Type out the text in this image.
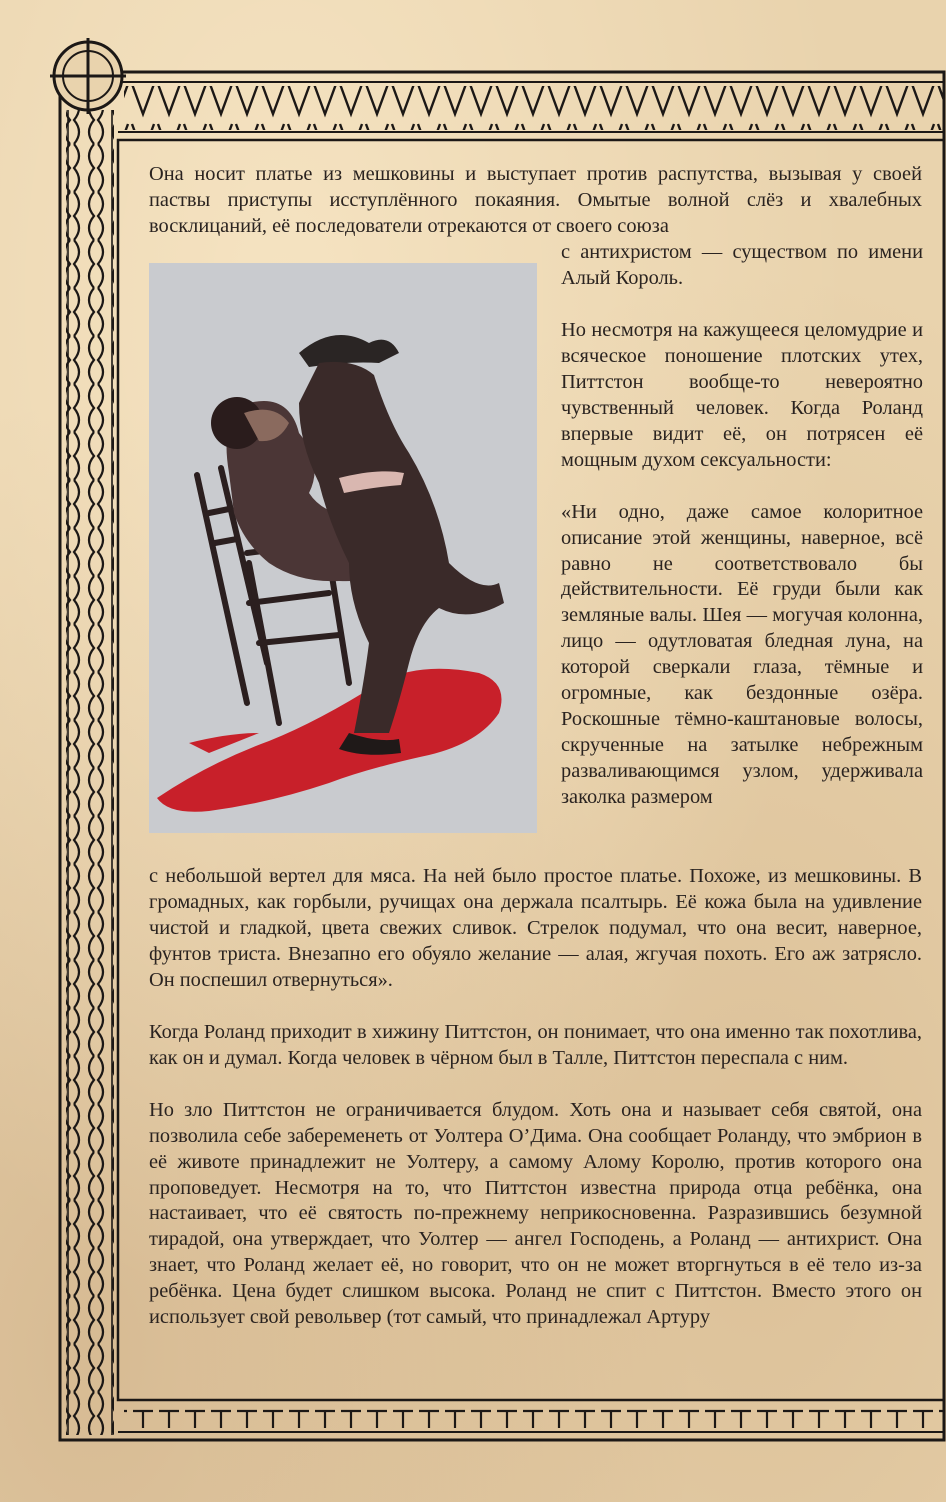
Она носит платье из мешковины и выступает против распутства, вызывая у своей паствы приступы исступлённого покаяния. Омытые волной слёз и хвалебных восклицаний, её последователи отрекаются от своего союза

с антихристом — существом по имени Алый Король.

Но несмотря на кажущееся целомудрие и всяческое поношение плотских утех, Питтстон вообще-то невероятно чувственный человек. Когда Роланд впервые видит её, он потрясен её мощным духом сексуальности:

«Ни одно, даже самое колоритное описание этой женщины, наверное, всё равно не соответствовало бы действительности. Её груди были как земляные валы. Шея — могучая колонна, лицо — одутловатая бледная луна, на которой сверкали глаза, тёмные и огромные, как бездонные озёра. Роскошные тёмно-каштановые волосы, скрученные на затылке небрежным разваливающимся узлом, удерживала заколка размером

с небольшой вертел для мяса. На ней было простое платье. Похоже, из мешковины. В громадных, как горбыли, ручищах она держала псалтырь. Её кожа была на удивление чистой и гладкой, цвета свежих сливок. Стрелок подумал, что она весит, наверное, фунтов триста. Внезапно его обуяло желание — алая, жгучая похоть. Его аж затрясло. Он поспешил отвернуться».

Когда Роланд приходит в хижину Питтстон, он понимает, что она именно так похотлива, как он и думал. Когда человек в чёрном был в Талле, Питтстон переспала с ним.

Но зло Питтстон не ограничивается блудом. Хоть она и называет себя святой, она позволила себе забеременеть от Уолтера О’Дима. Она сообщает Роланду, что эмбрион в её животе принадлежит не Уолтеру, а самому Алому Королю, против которого она проповедует. Несмотря на то, что Питтстон известна природа отца ребёнка, она настаивает, что её святость по-прежнему неприкосновенна. Разразившись безумной тирадой, она утверждает, что Уолтер — ангел Господень, а Роланд — антихрист. Она знает, что Роланд желает её, но говорит, что он не может вторгнуться в её тело из-за ребёнка. Цена будет слишком высока. Роланд не спит с Питтстон. Вместо этого он использует свой револьвер (тот самый, что принадлежал Артуру
